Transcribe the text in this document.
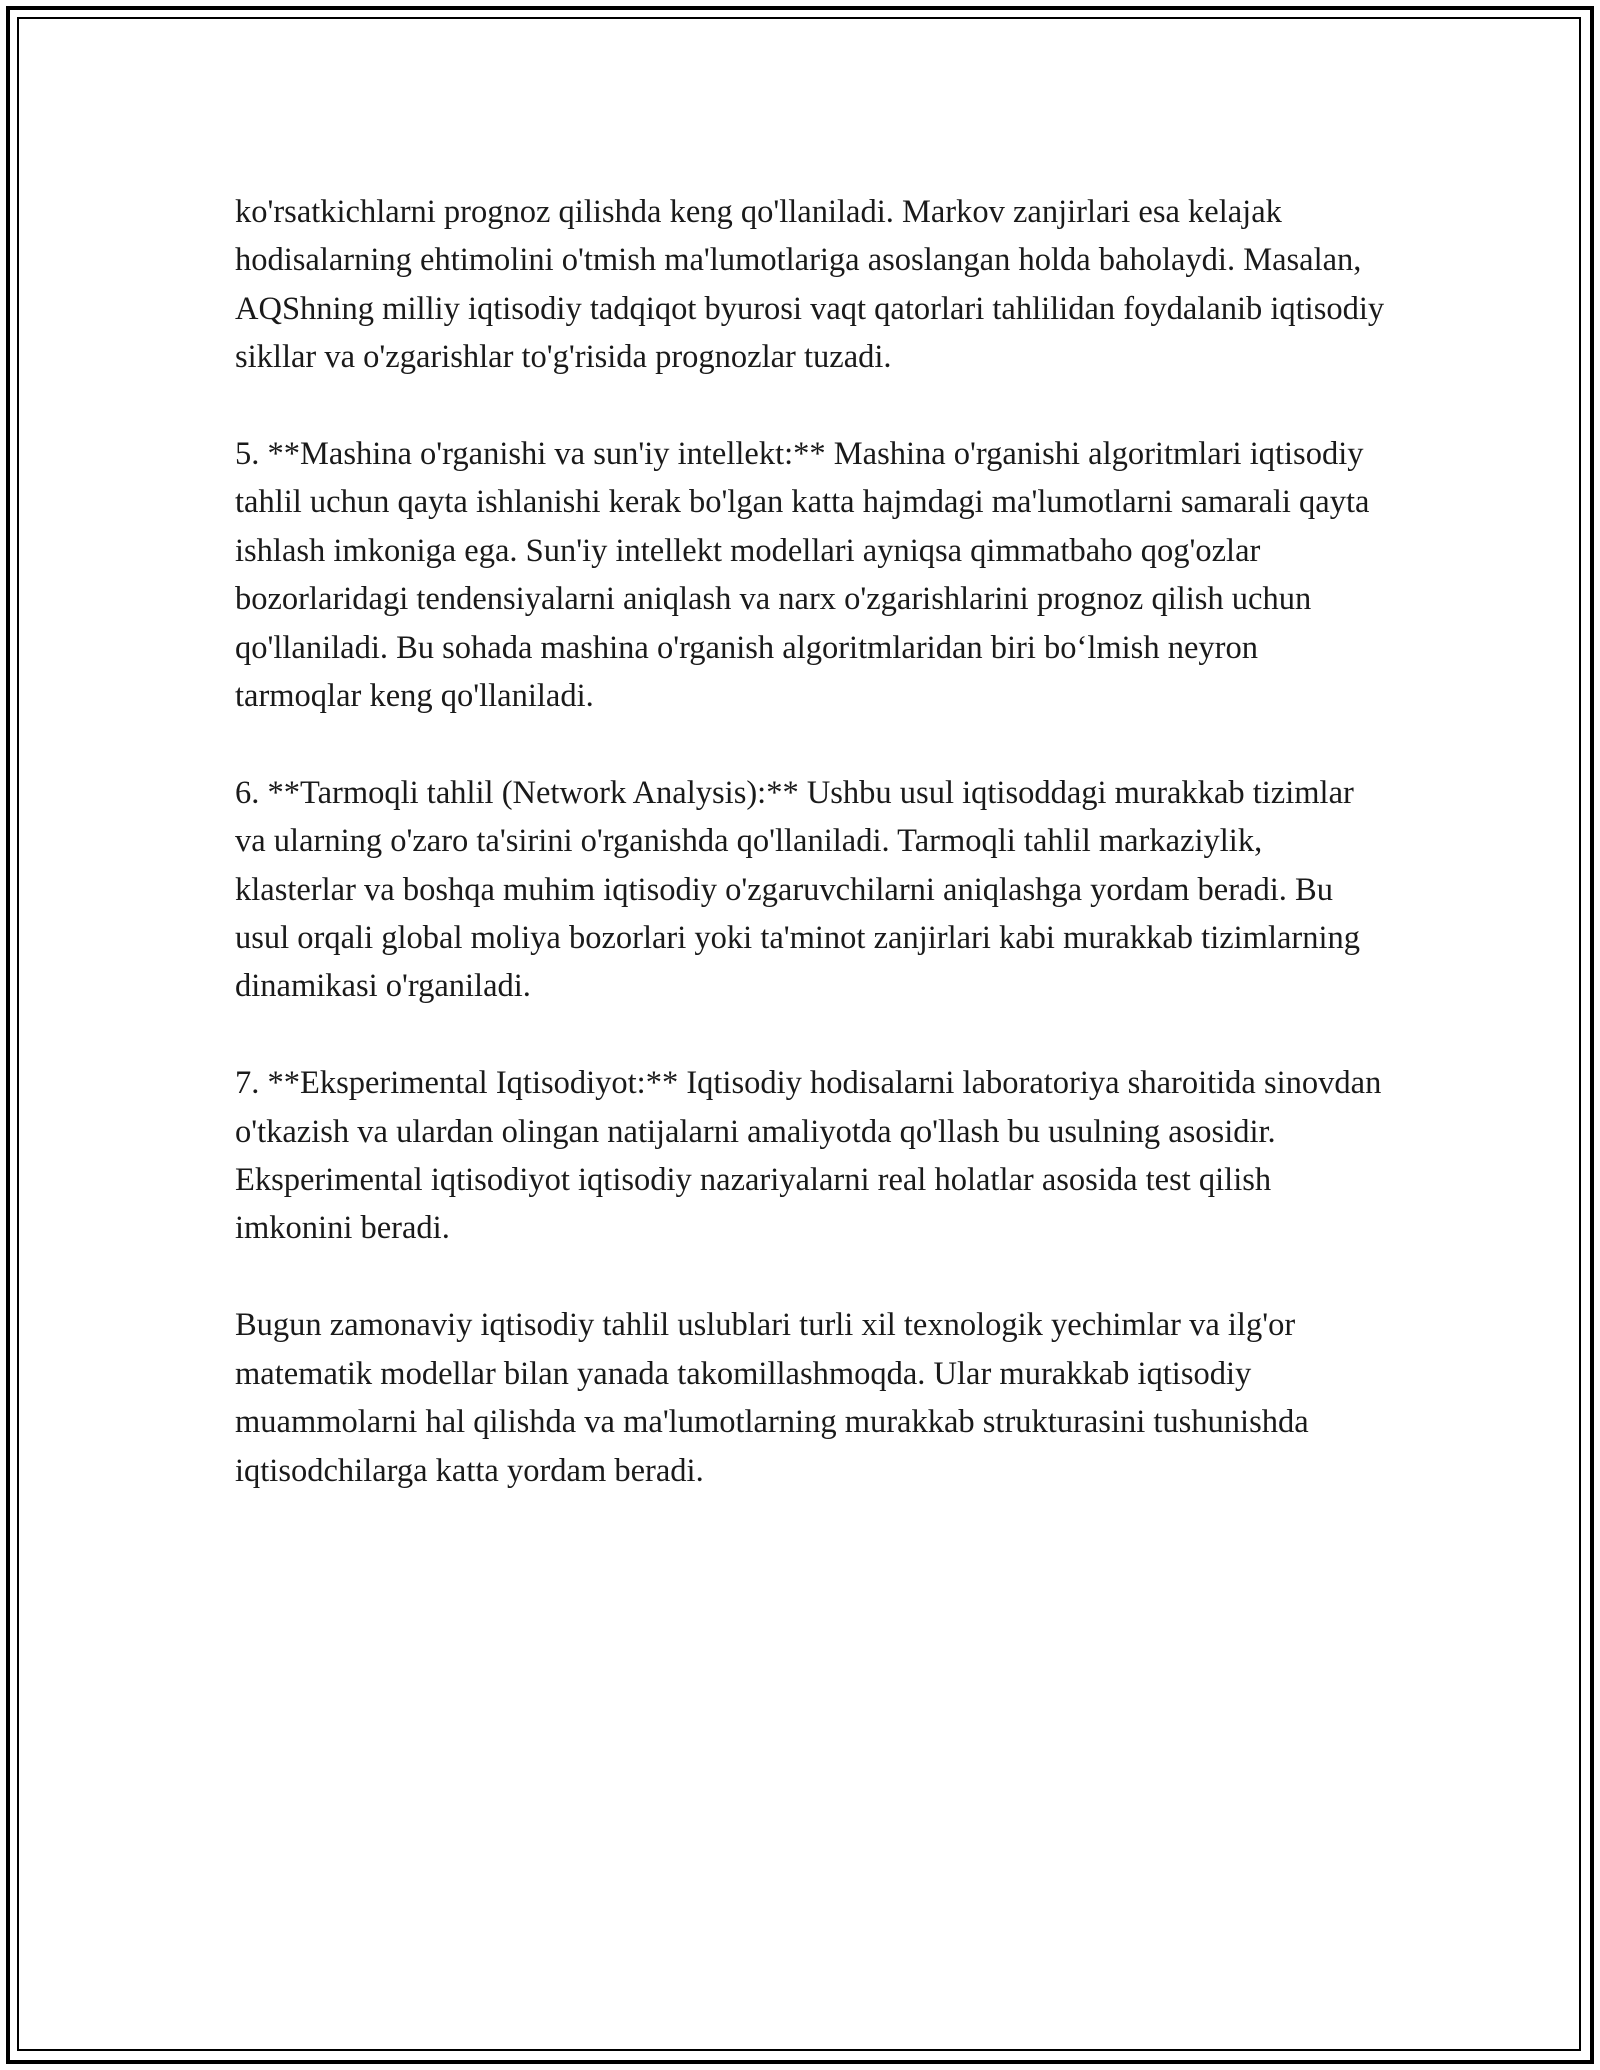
ko'rsatkichlarni prognoz qilishda keng qo'llaniladi. Markov zanjirlari esa kelajak hodisalarning ehtimolini o'tmish ma'lumotlariga asoslangan holda baholaydi. Masalan, AQShning milliy iqtisodiy tadqiqot byurosi vaqt qatorlari tahlilidan foydalanib iqtisodiy sikllar va o'zgarishlar to'g'risida prognozlar tuzadi.

5. **Mashina o'rganishi va sun'iy intellekt:** Mashina o'rganishi algoritmlari iqtisodiy tahlil uchun qayta ishlanishi kerak bo'lgan katta hajmdagi ma'lumotlarni samarali qayta ishlash imkoniga ega. Sun'iy intellekt modellari ayniqsa qimmatbaho qog'ozlar bozorlaridagi tendensiyalarni aniqlash va narx o'zgarishlarini prognoz qilish uchun qo'llaniladi. Bu sohada mashina o'rganish algoritmlaridan biri bo‘lmish neyron tarmoqlar keng qo'llaniladi.

6. **Tarmoqli tahlil (Network Analysis):** Ushbu usul iqtisoddagi murakkab tizimlar va ularning o'zaro ta'sirini o'rganishda qo'llaniladi. Tarmoqli tahlil markaziylik, klasterlar va boshqa muhim iqtisodiy o'zgaruvchilarni aniqlashga yordam beradi. Bu usul orqali global moliya bozorlari yoki ta'minot zanjirlari kabi murakkab tizimlarning dinamikasi o'rganiladi.

7. **Eksperimental Iqtisodiyot:** Iqtisodiy hodisalarni laboratoriya sharoitida sinovdan o'tkazish va ulardan olingan natijalarni amaliyotda qo'llash bu usulning asosidir. Eksperimental iqtisodiyot iqtisodiy nazariyalarni real holatlar asosida test qilish imkonini beradi.

Bugun zamonaviy iqtisodiy tahlil uslublari turli xil texnologik yechimlar va ilg'or matematik modellar bilan yanada takomillashmoqda. Ular murakkab iqtisodiy muammolarni hal qilishda va ma'lumotlarning murakkab strukturasini tushunishda iqtisodchilarga katta yordam beradi.
